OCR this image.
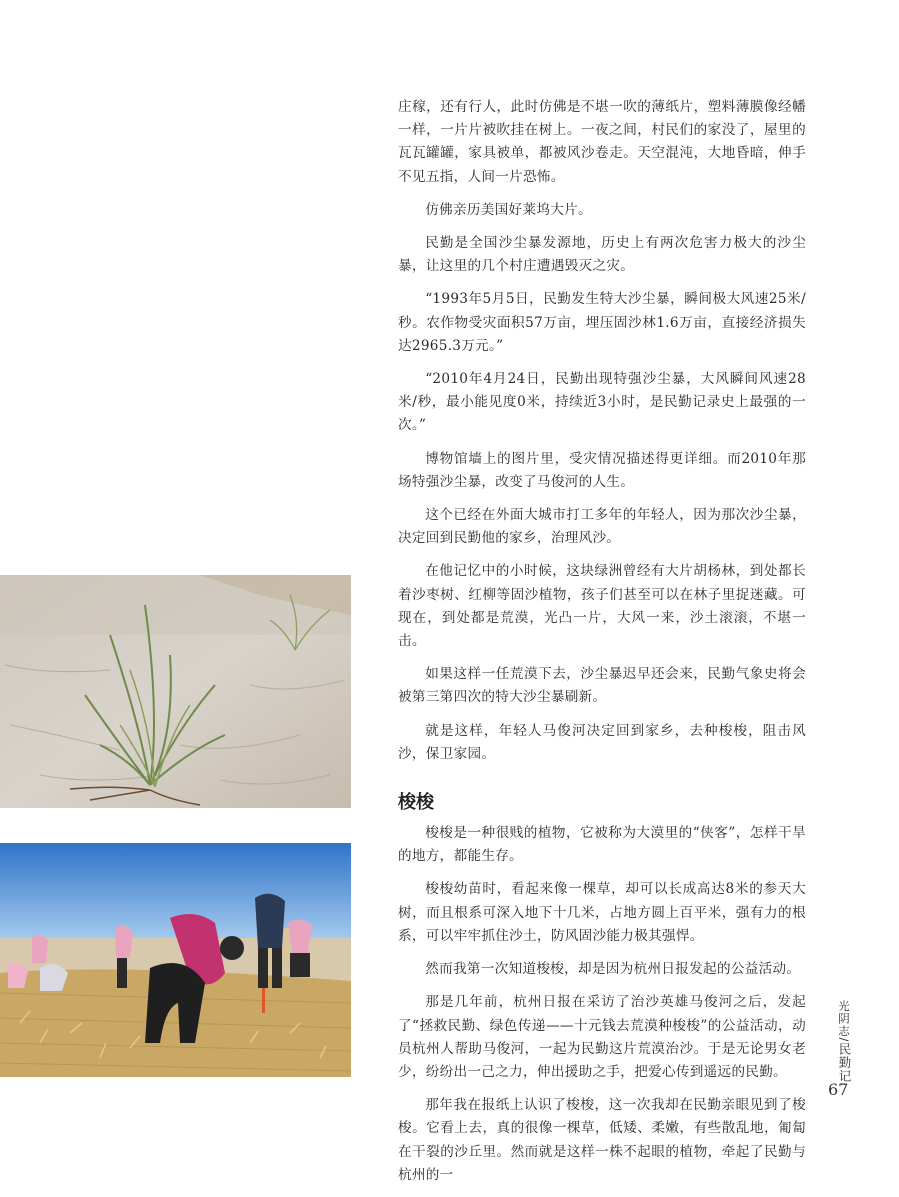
庄稼，还有行人，此时仿佛是不堪一吹的薄纸片，塑料薄膜像经幡一样，一片片被吹挂在树上。一夜之间，村民们的家没了，屋里的瓦瓦罐罐，家具被单，都被风沙卷走。天空混沌，大地昏暗，伸手不见五指，人间一片恐怖。

仿佛亲历美国好莱坞大片。

民勤是全国沙尘暴发源地，历史上有两次危害力极大的沙尘暴，让这里的几个村庄遭遇毁灭之灾。

“1993年5月5日，民勤发生特大沙尘暴，瞬间极大风速25米/秒。农作物受灾面积57万亩，埋压固沙林1.6万亩，直接经济损失达2965.3万元。”

“2010年4月24日，民勤出现特强沙尘暴，大风瞬间风速28米/秒，最小能见度0米，持续近3小时，是民勤记录史上最强的一次。”

博物馆墙上的图片里，受灾情况描述得更详细。而2010年那场特强沙尘暴，改变了马俊河的人生。

这个已经在外面大城市打工多年的年轻人，因为那次沙尘暴，决定回到民勤他的家乡，治理风沙。

在他记忆中的小时候，这块绿洲曾经有大片胡杨林，到处都长着沙枣树、红柳等固沙植物，孩子们甚至可以在林子里捉迷藏。可现在，到处都是荒漠，光凸一片，大风一来，沙土滚滚，不堪一击。

如果这样一任荒漠下去，沙尘暴迟早还会来，民勤气象史将会被第三第四次的特大沙尘暴刷新。

就是这样，年轻人马俊河决定回到家乡，去种梭梭，阻击风沙，保卫家园。

梭梭

梭梭是一种很贱的植物，它被称为大漠里的“侠客”，怎样干旱的地方，都能生存。

梭梭幼苗时，看起来像一棵草，却可以长成高达8米的参天大树，而且根系可深入地下十几米，占地方圆上百平米，强有力的根系，可以牢牢抓住沙土，防风固沙能力极其强悍。

然而我第一次知道梭梭，却是因为杭州日报发起的公益活动。

那是几年前，杭州日报在采访了治沙英雄马俊河之后，发起了“拯救民勤、绿色传递——十元钱去荒漠种梭梭”的公益活动，动员杭州人帮助马俊河，一起为民勤这片荒漠治沙。于是无论男女老少，纷纷出一己之力，伸出援助之手，把爱心传到遥远的民勤。

那年我在报纸上认识了梭梭，这一次我却在民勤亲眼见到了梭梭。它看上去，真的很像一棵草，低矮、柔嫩，有些散乱地，匍匐在干裂的沙丘里。然而就是这样一株不起眼的植物，牵起了民勤与杭州的一

光阴志/民勤记
67
